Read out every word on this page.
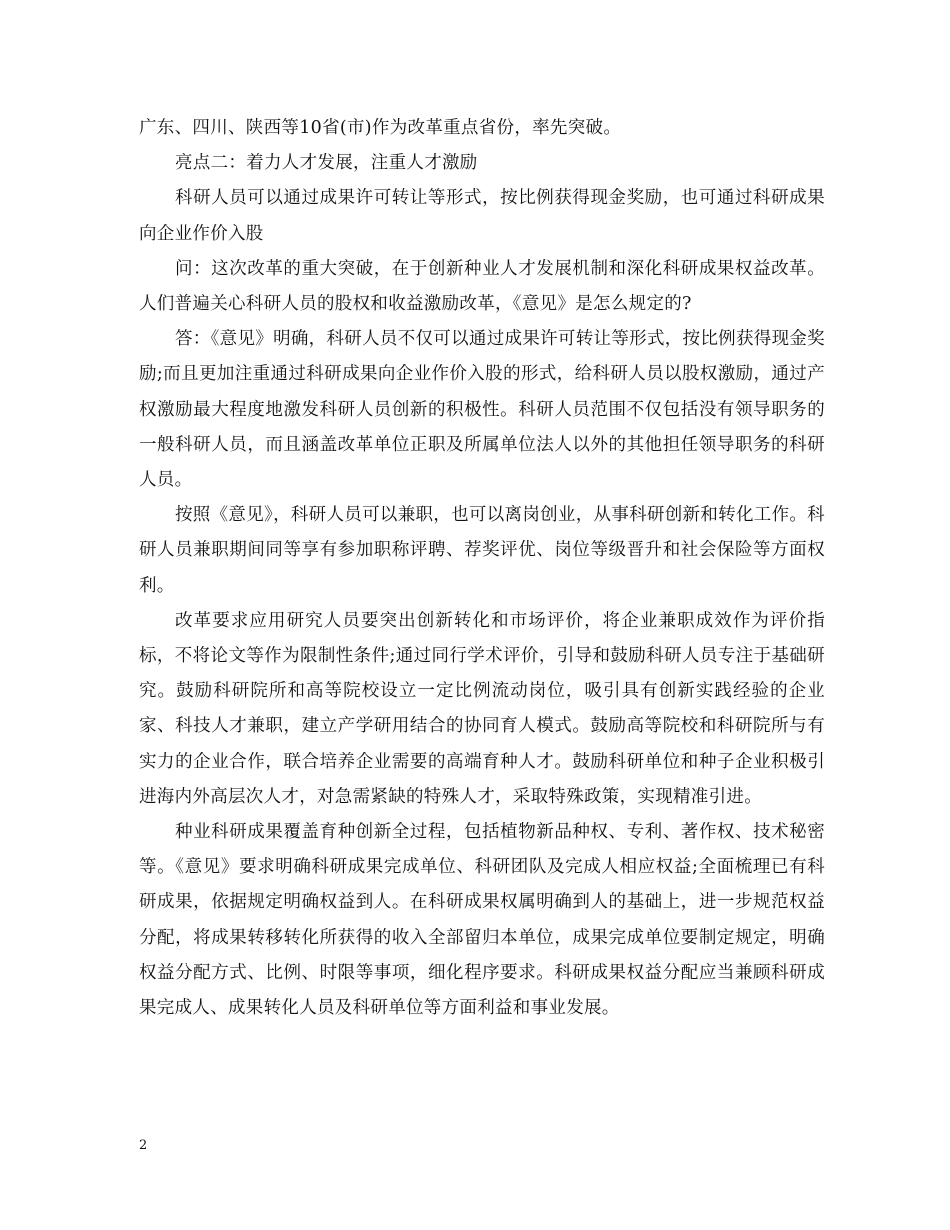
广东、四川、陕西等10省(市)作为改革重点省份，率先突破。

亮点二：着力人才发展，注重人才激励

科研人员可以通过成果许可转让等形式，按比例获得现金奖励，也可通过科研成果向企业作价入股

问：这次改革的重大突破，在于创新种业人才发展机制和深化科研成果权益改革。人们普遍关心科研人员的股权和收益激励改革，《意见》是怎么规定的?

答：《意见》明确，科研人员不仅可以通过成果许可转让等形式，按比例获得现金奖励;而且更加注重通过科研成果向企业作价入股的形式，给科研人员以股权激励，通过产权激励最大程度地激发科研人员创新的积极性。科研人员范围不仅包括没有领导职务的一般科研人员，而且涵盖改革单位正职及所属单位法人以外的其他担任领导职务的科研人员。

按照《意见》，科研人员可以兼职，也可以离岗创业，从事科研创新和转化工作。科研人员兼职期间同等享有参加职称评聘、荐奖评优、岗位等级晋升和社会保险等方面权利。

改革要求应用研究人员要突出创新转化和市场评价，将企业兼职成效作为评价指标，不将论文等作为限制性条件;通过同行学术评价，引导和鼓励科研人员专注于基础研究。鼓励科研院所和高等院校设立一定比例流动岗位，吸引具有创新实践经验的企业家、科技人才兼职，建立产学研用结合的协同育人模式。鼓励高等院校和科研院所与有实力的企业合作，联合培养企业需要的高端育种人才。鼓励科研单位和种子企业积极引进海内外高层次人才，对急需紧缺的特殊人才，采取特殊政策，实现精准引进。

种业科研成果覆盖育种创新全过程，包括植物新品种权、专利、著作权、技术秘密等。《意见》要求明确科研成果完成单位、科研团队及完成人相应权益;全面梳理已有科研成果，依据规定明确权益到人。在科研成果权属明确到人的基础上，进一步规范权益分配，将成果转移转化所获得的收入全部留归本单位，成果完成单位要制定规定，明确权益分配方式、比例、时限等事项，细化程序要求。科研成果权益分配应当兼顾科研成果完成人、成果转化人员及科研单位等方面利益和事业发展。

2
